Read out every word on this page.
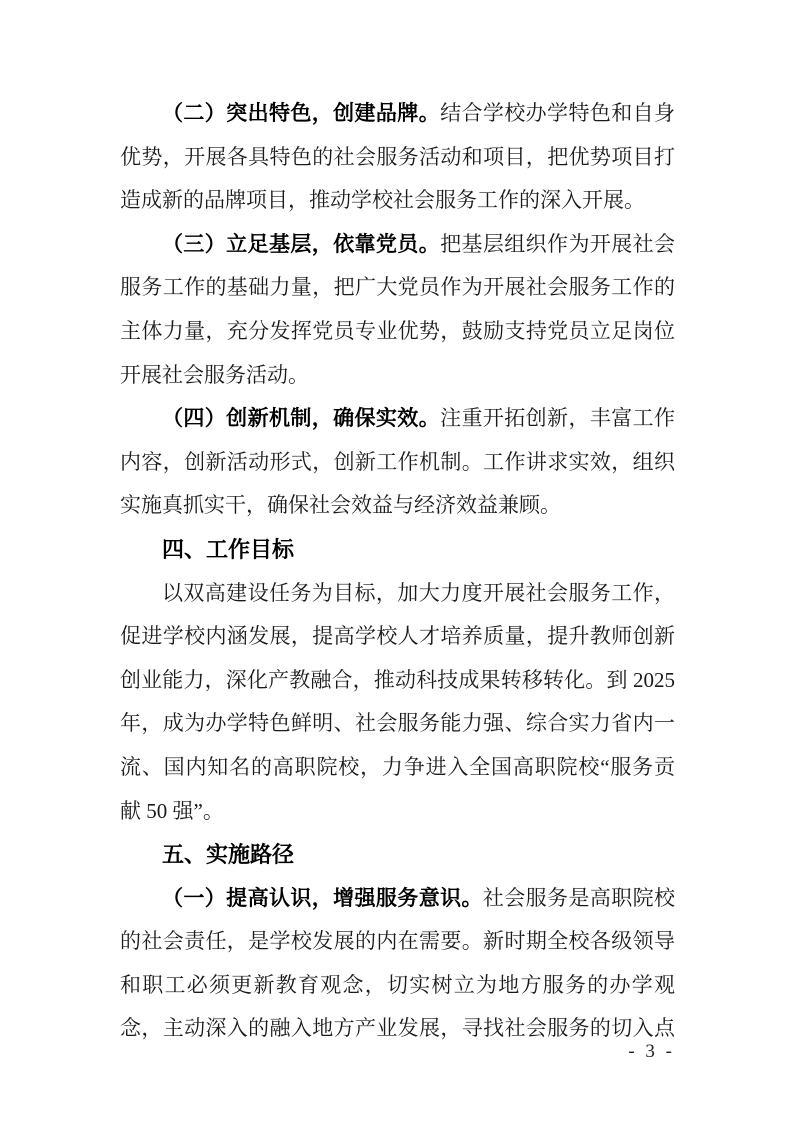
（二）突出特色，创建品牌。结合学校办学特色和自身
优势，开展各具特色的社会服务活动和项目，把优势项目打
造成新的品牌项目，推动学校社会服务工作的深入开展。
（三）立足基层，依靠党员。把基层组织作为开展社会
服务工作的基础力量，把广大党员作为开展社会服务工作的
主体力量，充分发挥党员专业优势，鼓励支持党员立足岗位
开展社会服务活动。
（四）创新机制，确保实效。注重开拓创新，丰富工作
内容，创新活动形式，创新工作机制。工作讲求实效，组织
实施真抓实干，确保社会效益与经济效益兼顾。
四、工作目标
以双高建设任务为目标，加大力度开展社会服务工作，
促进学校内涵发展，提高学校人才培养质量，提升教师创新
创业能力，深化产教融合，推动科技成果转移转化。到 2025
年，成为办学特色鲜明、社会服务能力强、综合实力省内一
流、国内知名的高职院校，力争进入全国高职院校“服务贡
献 50 强”。
五、实施路径
（一）提高认识，增强服务意识。社会服务是高职院校
的社会责任，是学校发展的内在需要。新时期全校各级领导
和职工必须更新教育观念，切实树立为地方服务的办学观
念，主动深入的融入地方产业发展，寻找社会服务的切入点
- 3 -
